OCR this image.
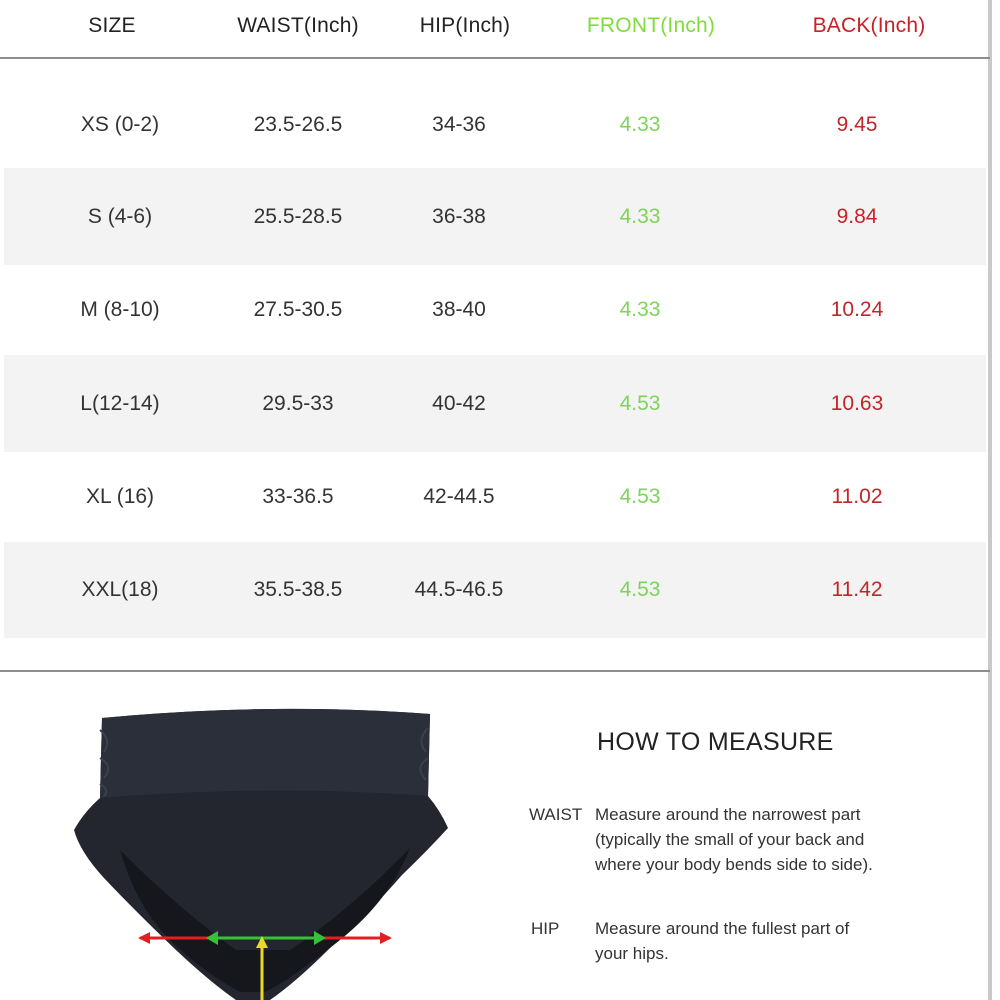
SIZE	WAIST(Inch)	HIP(Inch)	FRONT(Inch)	BACK(Inch)
XS (0-2)	23.5-26.5	34-36	4.33	9.45
S (4-6)	25.5-28.5	36-38	4.33	9.84
M (8-10)	27.5-30.5	38-40	4.33	10.24
L(12-14)	29.5-33	40-42	4.53	10.63
XL (16)	33-36.5	42-44.5	4.53	11.02
XXL(18)	35.5-38.5	44.5-46.5	4.53	11.42
HOW TO MEASURE
WAIST Measure around the narrowest part
(typically the small of your back and
where your body bends side to side).
HIP Measure around the fullest part of
your hips.
